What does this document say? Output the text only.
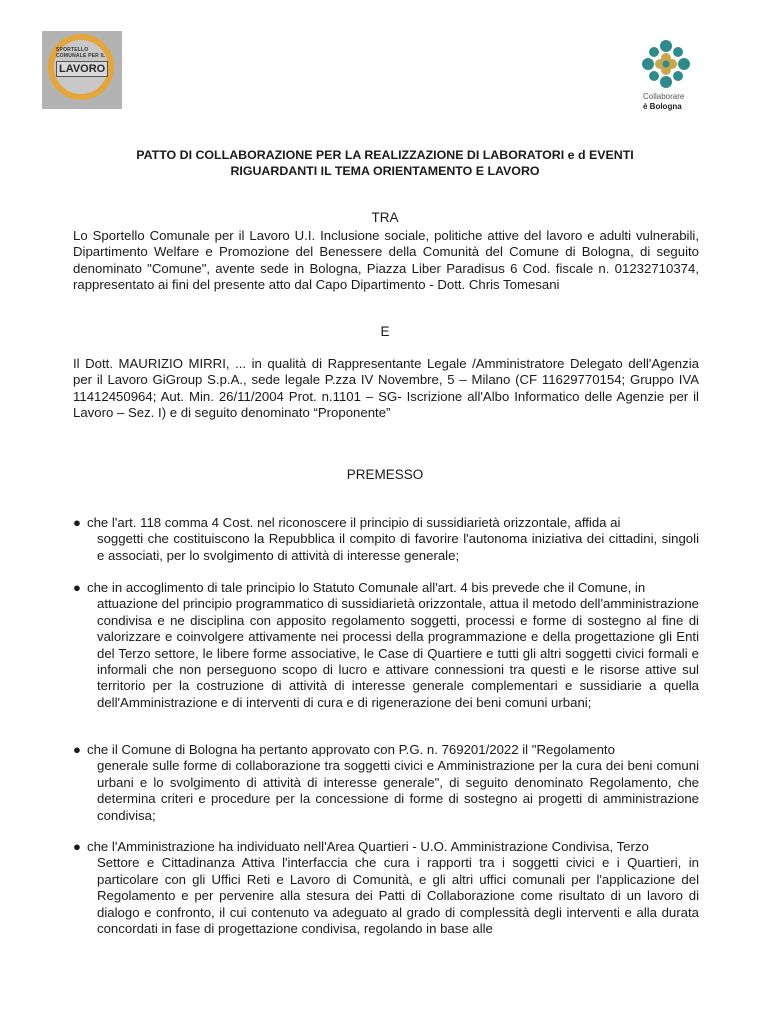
SPORTELLO
COMUNALE PER IL
LAVORO
Collaborare
è Bologna
PATTO DI COLLABORAZIONE PER LA REALIZZAZIONE DI LABORATORI e d EVENTI
RIGUARDANTI IL TEMA ORIENTAMENTO E LAVORO
TRA
Lo Sportello Comunale per il Lavoro U.I. Inclusione sociale, politiche attive del lavoro e adulti vulnerabili, Dipartimento Welfare e Promozione del Benessere della Comunità del Comune di Bologna, di seguito denominato "Comune", avente sede in Bologna, Piazza Liber Paradisus 6 Cod. fiscale n. 01232710374, rappresentato ai fini del presente atto dal Capo Dipartimento - Dott. Chris Tomesani
E
Il Dott. MAURIZIO MIRRI, ... in qualità di Rappresentante Legale /Amministratore Delegato dell'Agenzia per il Lavoro GiGroup S.p.A., sede legale P.zza IV Novembre, 5 – Milano (CF 11629770154; Gruppo IVA 11412450964; Aut. Min. 26/11/2004 Prot. n.1101 – SG- Iscrizione all'Albo Informatico delle Agenzie per il Lavoro – Sez. I) e di seguito denominato “Proponente”
PREMESSO
● che l'art. 118 comma 4 Cost. nel riconoscere il principio di sussidiarietà orizzontale, affida ai
soggetti che costituiscono la Repubblica il compito di favorire l'autonoma iniziativa dei cittadini, singoli e associati, per lo svolgimento di attività di interesse generale;
● che in accoglimento di tale principio lo Statuto Comunale all'art. 4 bis prevede che il Comune, in
attuazione del principio programmatico di sussidiarietà orizzontale, attua il metodo dell'amministrazione condivisa e ne disciplina con apposito regolamento soggetti, processi e forme di sostegno al fine di valorizzare e coinvolgere attivamente nei processi della programmazione e della progettazione gli Enti del Terzo settore, le libere forme associative, le Case di Quartiere e tutti gli altri soggetti civici formali e informali che non perseguono scopo di lucro e attivare connessioni tra questi e le risorse attive sul territorio per la costruzione di attività di interesse generale complementari e sussidiarie a quella dell'Amministrazione e di interventi di cura e di rigenerazione dei beni comuni urbani;
● che il Comune di Bologna ha pertanto approvato con P.G. n. 769201/2022 il "Regolamento
generale sulle forme di collaborazione tra soggetti civici e Amministrazione per la cura dei beni comuni urbani e lo svolgimento di attività di interesse generale", di seguito denominato Regolamento, che determina criteri e procedure per la concessione di forme di sostegno ai progetti di amministrazione condivisa;
● che l'Amministrazione ha individuato nell'Area Quartieri - U.O. Amministrazione Condivisa, Terzo
Settore e Cittadinanza Attiva l'interfaccia che cura i rapporti tra i soggetti civici e i Quartieri, in particolare con gli Uffici Reti e Lavoro di Comunità, e gli altri uffici comunali per l'applicazione del Regolamento e per pervenire alla stesura dei Patti di Collaborazione come risultato di un lavoro di dialogo e confronto, il cui contenuto va adeguato al grado di complessità degli interventi e alla durata concordati in fase di progettazione condivisa, regolando in base alle
